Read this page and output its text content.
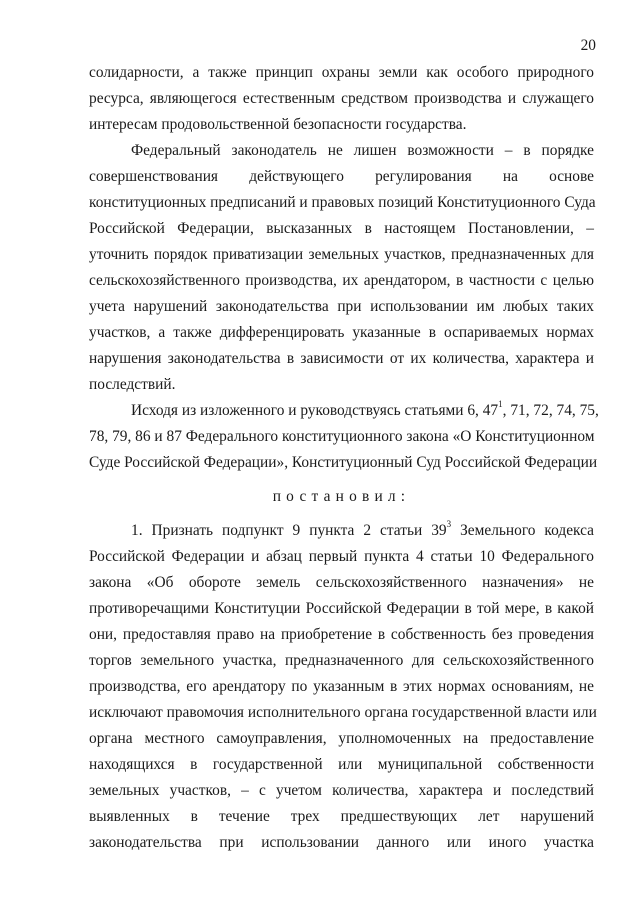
20
солидарности, а также принцип охраны земли как особого природного
ресурса, являющегося естественным средством производства и служащего
интересам продовольственной безопасности государства.
Федеральный законодатель не лишен возможности – в порядке
совершенствования действующего регулирования на основе
конституционных предписаний и правовых позиций Конституционного Суда
Российской Федерации, высказанных в настоящем Постановлении, –
уточнить порядок приватизации земельных участков, предназначенных для
сельскохозяйственного производства, их арендатором, в частности с целью
учета нарушений законодательства при использовании им любых таких
участков, а также дифференцировать указанные в оспариваемых нормах
нарушения законодательства в зависимости от их количества, характера и
последствий.
Исходя из изложенного и руководствуясь статьями 6, $47^1$, 71, 72, 74, 75,
78, 79, 86 и 87 Федерального конституционного закона «О Конституционном
Суде Российской Федерации», Конституционный Суд Российской Федерации
постановил:
1. Признать подпункт 9 пункта 2 статьи $39^3$ Земельного кодекса
Российской Федерации и абзац первый пункта 4 статьи 10 Федерального
закона «Об обороте земель сельскохозяйственного назначения» не
противоречащими Конституции Российской Федерации в той мере, в какой
они, предоставляя право на приобретение в собственность без проведения
торгов земельного участка, предназначенного для сельскохозяйственного
производства, его арендатору по указанным в этих нормах основаниям, не
исключают правомочия исполнительного органа государственной власти или
органа местного самоуправления, уполномоченных на предоставление
находящихся в государственной или муниципальной собственности
земельных участков, – с учетом количества, характера и последствий
выявленных в течение трех предшествующих лет нарушений
законодательства при использовании данного или иного участка
